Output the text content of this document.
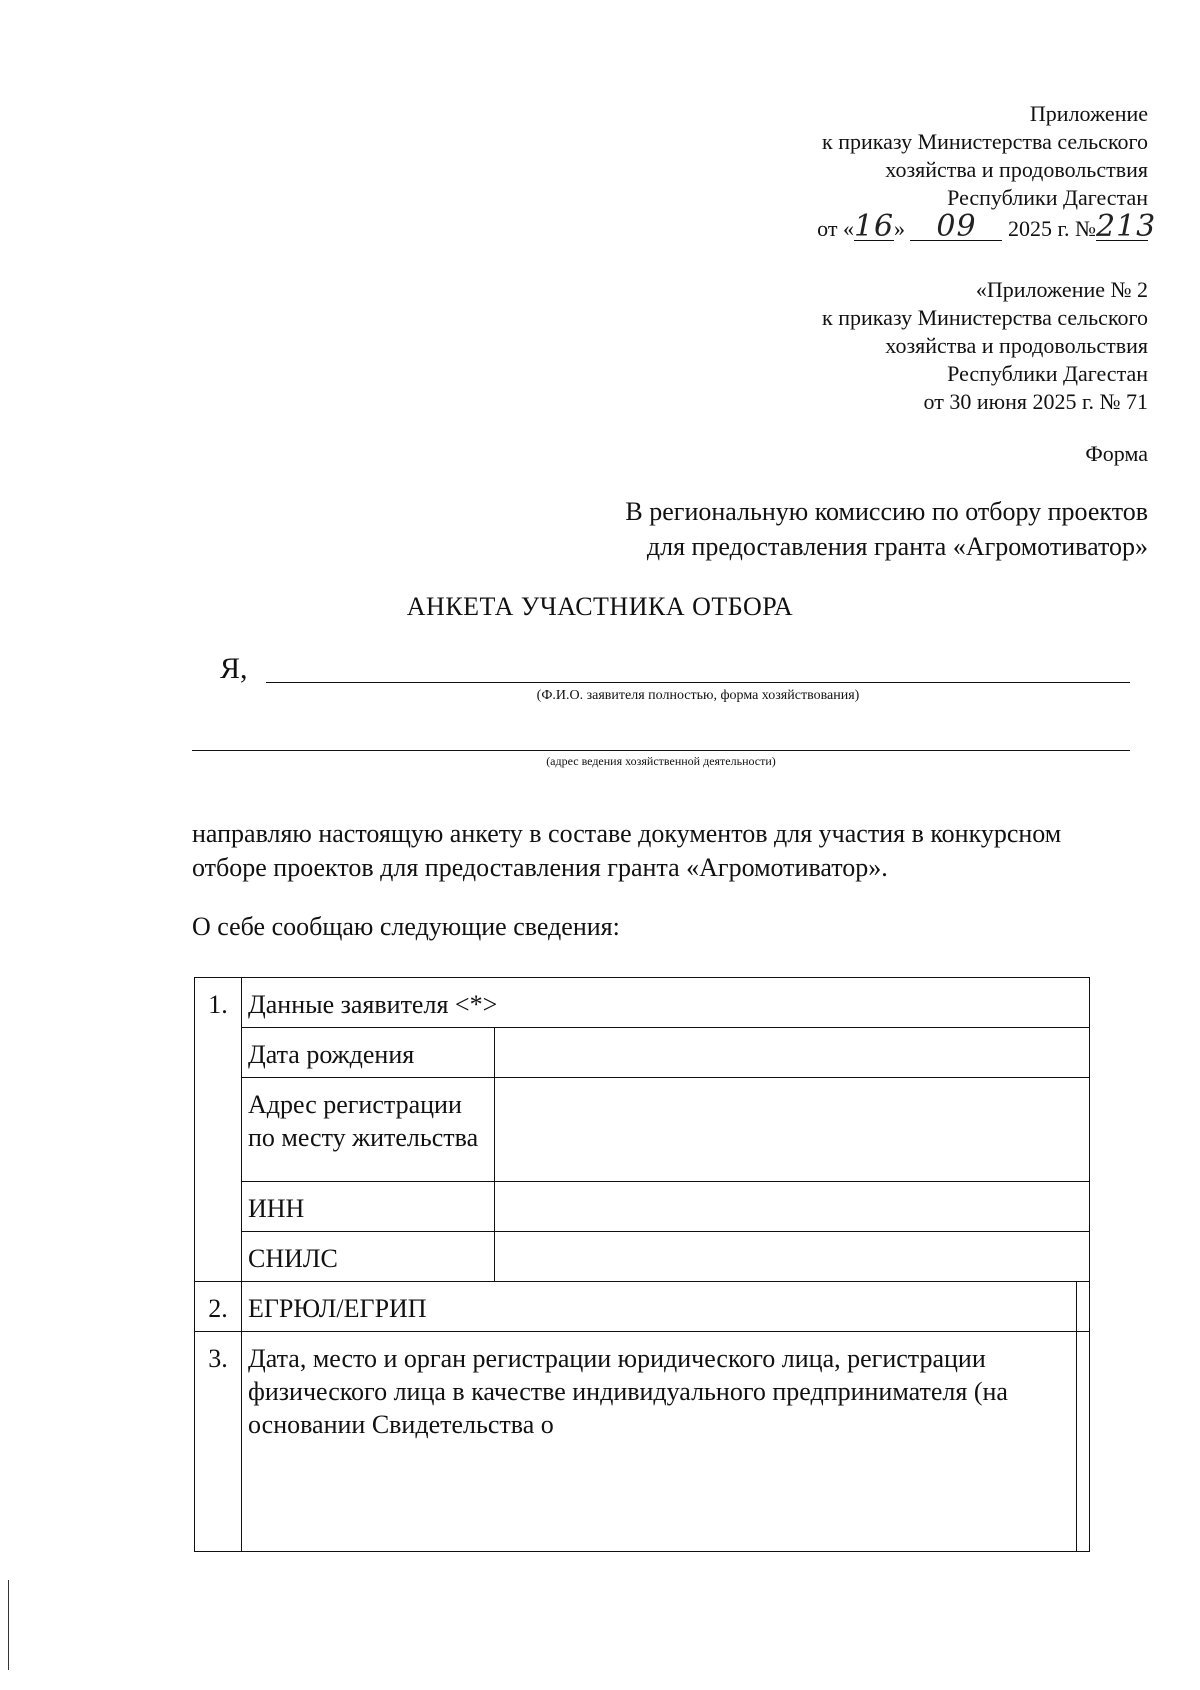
Приложение
к приказу Министерства сельского
хозяйства и продовольствия
Республики Дагестан
от «16» 09 2025 г. №213
«Приложение № 2
к приказу Министерства сельского
хозяйства и продовольствия
Республики Дагестан
от 30 июня 2025 г. № 71
Форма
В региональную комиссию по отбору проектов
для предоставления гранта «Агромотиватор»
АНКЕТА УЧАСТНИКА ОТБОРА
Я,
(Ф.И.О. заявителя полностью, форма хозяйствования)
(адрес ведения хозяйственной деятельности)
направляю настоящую анкету в составе документов для участия в конкурсном отборе проектов для предоставления гранта «Агромотиватор».
О себе сообщаю следующие сведения:
1.	Данные заявителя <*>		
	Дата рождения		
	Адрес регистрации по месту жительства		
	ИНН		
	СНИЛС		
2.	ЕГРЮЛ/ЕГРИП		
3.	Дата, место и орган регистрации юридического лица, регистрации физического лица в качестве индивидуального предпринимателя (на основании Свидетельства о		
